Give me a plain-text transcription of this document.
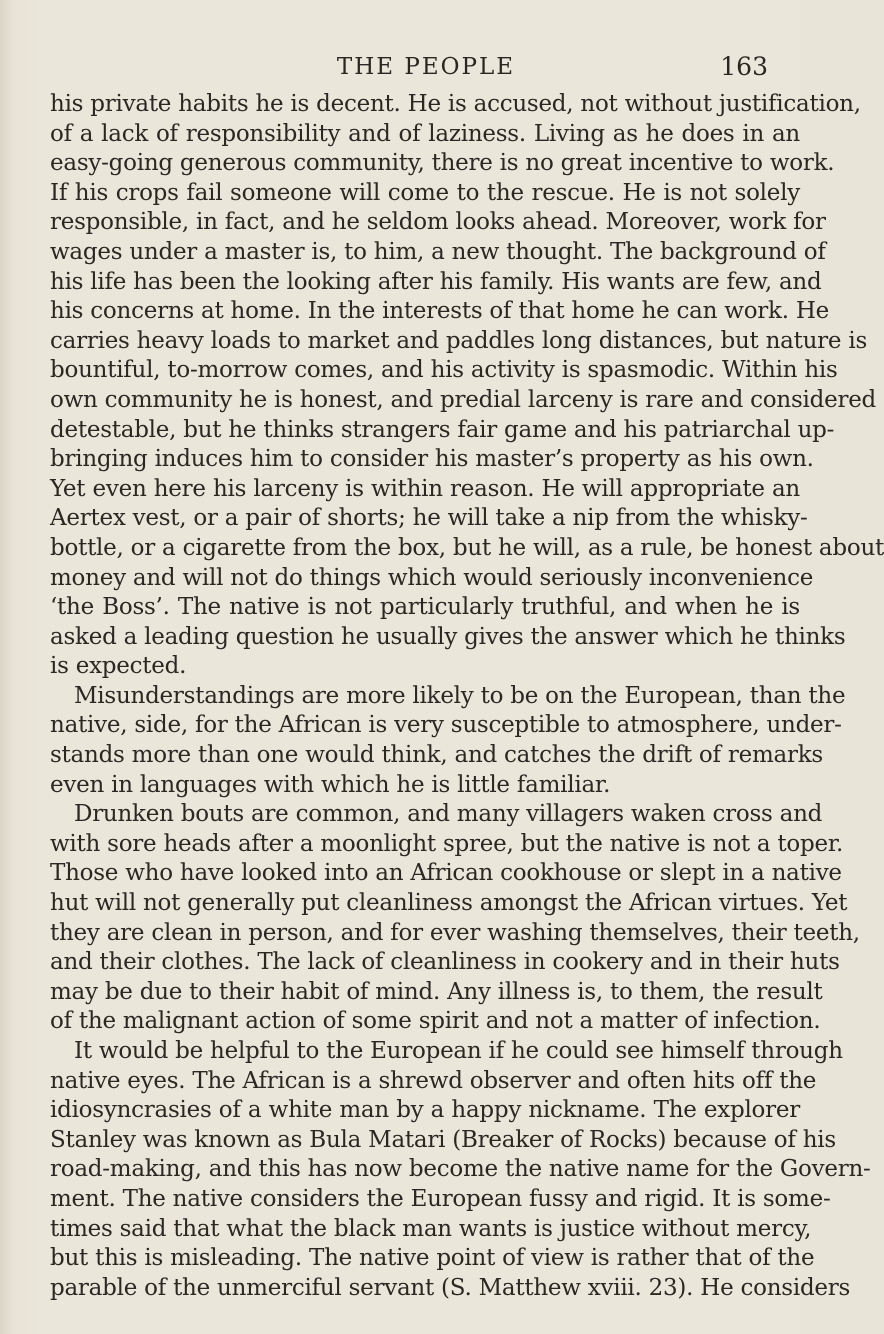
THE PEOPLE	163
his private habits he is decent. He is accused, not without justification,
of a lack of responsibility and of laziness. Living as he does in an
easy-going generous community, there is no great incentive to work.
If his crops fail someone will come to the rescue. He is not solely
responsible, in fact, and he seldom looks ahead. Moreover, work for
wages under a master is, to him, a new thought. The background of
his life has been the looking after his family. His wants are few, and
his concerns at home. In the interests of that home he can work. He
carries heavy loads to market and paddles long distances, but nature is
bountiful, to-morrow comes, and his activity is spasmodic. Within his
own community he is honest, and predial larceny is rare and considered
detestable, but he thinks strangers fair game and his patriarchal up-
bringing induces him to consider his master’s property as his own.
Yet even here his larceny is within reason. He will appropriate an
Aertex vest, or a pair of shorts; he will take a nip from the whisky-
bottle, or a cigarette from the box, but he will, as a rule, be honest about
money and will not do things which would seriously inconvenience
‘the Boss’. The native is not particularly truthful, and when he is
asked a leading question he usually gives the answer which he thinks
is expected.
Misunderstandings are more likely to be on the European, than the
native, side, for the African is very susceptible to atmosphere, under-
stands more than one would think, and catches the drift of remarks
even in languages with which he is little familiar.
Drunken bouts are common, and many villagers waken cross and
with sore heads after a moonlight spree, but the native is not a toper.
Those who have looked into an African cookhouse or slept in a native
hut will not generally put cleanliness amongst the African virtues. Yet
they are clean in person, and for ever washing themselves, their teeth,
and their clothes. The lack of cleanliness in cookery and in their huts
may be due to their habit of mind. Any illness is, to them, the result
of the malignant action of some spirit and not a matter of infection.
It would be helpful to the European if he could see himself through
native eyes. The African is a shrewd observer and often hits off the
idiosyncrasies of a white man by a happy nickname. The explorer
Stanley was known as Bula Matari (Breaker of Rocks) because of his
road-making, and this has now become the native name for the Govern-
ment. The native considers the European fussy and rigid. It is some-
times said that what the black man wants is justice without mercy,
but this is misleading. The native point of view is rather that of the
parable of the unmerciful servant (S. Matthew xviii. 23). He considers
